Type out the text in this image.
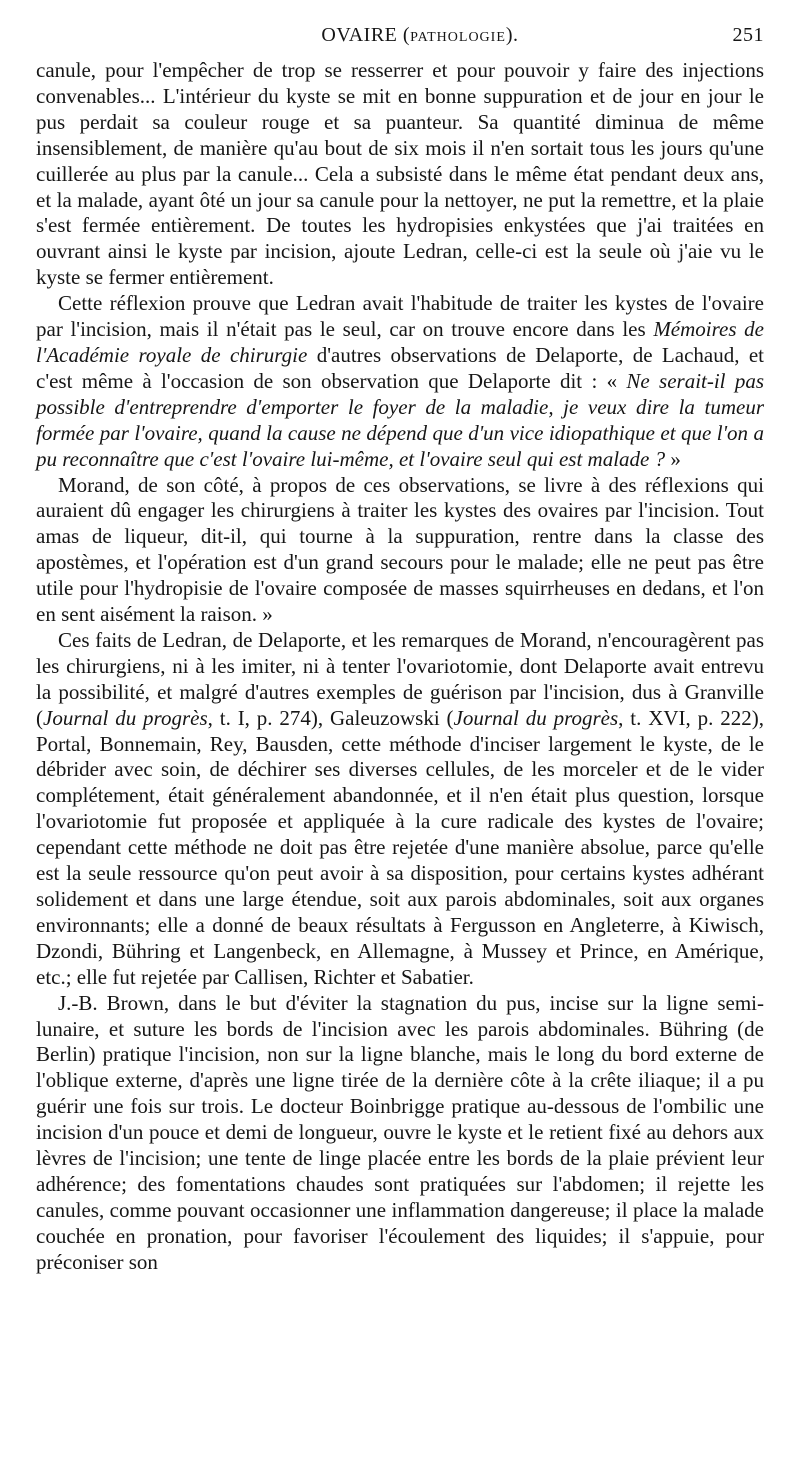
OVAIRE (PATHOLOGIE).	251

canule, pour l'empêcher de trop se resserrer et pour pouvoir y faire des injections convenables... L'intérieur du kyste se mit en bonne suppuration et de jour en jour le pus perdait sa couleur rouge et sa puanteur. Sa quantité diminua de même insensiblement, de manière qu'au bout de six mois il n'en sortait tous les jours qu'une cuillerée au plus par la canule... Cela a subsisté dans le même état pendant deux ans, et la malade, ayant ôté un jour sa canule pour la nettoyer, ne put la remettre, et la plaie s'est fermée entièrement. De toutes les hydropisies enkystées que j'ai traitées en ouvrant ainsi le kyste par incision, ajoute Ledran, celle-ci est la seule où j'aie vu le kyste se fermer entièrement.

Cette réflexion prouve que Ledran avait l'habitude de traiter les kystes de l'ovaire par l'incision, mais il n'était pas le seul, car on trouve encore dans les Mémoires de l'Académie royale de chirurgie d'autres observations de Delaporte, de Lachaud, et c'est même à l'occasion de son observation que Delaporte dit : « Ne serait-il pas possible d'entreprendre d'emporter le foyer de la maladie, je veux dire la tumeur formée par l'ovaire, quand la cause ne dépend que d'un vice idiopathique et que l'on a pu reconnaître que c'est l'ovaire lui-même, et l'ovaire seul qui est malade ? »

Morand, de son côté, à propos de ces observations, se livre à des réflexions qui auraient dû engager les chirurgiens à traiter les kystes des ovaires par l'incision. Tout amas de liqueur, dit-il, qui tourne à la suppuration, rentre dans la classe des apostèmes, et l'opération est d'un grand secours pour le malade; elle ne peut pas être utile pour l'hydropisie de l'ovaire composée de masses squirrheuses en dedans, et l'on en sent aisément la raison. »

Ces faits de Ledran, de Delaporte, et les remarques de Morand, n'encouragèrent pas les chirurgiens, ni à les imiter, ni à tenter l'ovariotomie, dont Delaporte avait entrevu la possibilité, et malgré d'autres exemples de guérison par l'incision, dus à Granville (Journal du progrès, t. I, p. 274), Galeuzowski (Journal du progrès, t. XVI, p. 222), Portal, Bonnemain, Rey, Bausden, cette méthode d'inciser largement le kyste, de le débrider avec soin, de déchirer ses diverses cellules, de les morceler et de le vider complétement, était généralement abandonnée, et il n'en était plus question, lorsque l'ovariotomie fut proposée et appliquée à la cure radicale des kystes de l'ovaire; cependant cette méthode ne doit pas être rejetée d'une manière absolue, parce qu'elle est la seule ressource qu'on peut avoir à sa disposition, pour certains kystes adhérant solidement et dans une large étendue, soit aux parois abdominales, soit aux organes environnants; elle a donné de beaux résultats à Fergusson en Angleterre, à Kiwisch, Dzondi, Bühring et Langenbeck, en Allemagne, à Mussey et Prince, en Amérique, etc.; elle fut rejetée par Callisen, Richter et Sabatier.

J.-B. Brown, dans le but d'éviter la stagnation du pus, incise sur la ligne semi-lunaire, et suture les bords de l'incision avec les parois abdominales. Bühring (de Berlin) pratique l'incision, non sur la ligne blanche, mais le long du bord externe de l'oblique externe, d'après une ligne tirée de la dernière côte à la crête iliaque; il a pu guérir une fois sur trois. Le docteur Boinbrigge pratique au-dessous de l'ombilic une incision d'un pouce et demi de longueur, ouvre le kyste et le retient fixé au dehors aux lèvres de l'incision; une tente de linge placée entre les bords de la plaie prévient leur adhérence; des fomentations chaudes sont pratiquées sur l'abdomen; il rejette les canules, comme pouvant occasionner une inflammation dangereuse; il place la malade couchée en pronation, pour favoriser l'écoulement des liquides; il s'appuie, pour préconiser son
